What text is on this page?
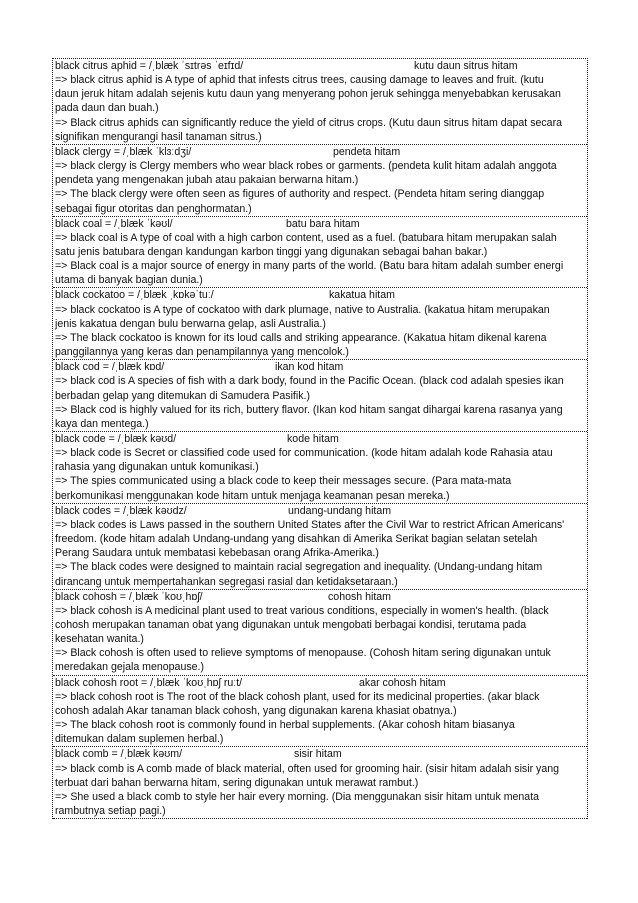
black citrus aphid = /ˌblæk ˈsɪtrəs ˈeɪfɪd/	kutu daun sitrus hitam
=> black citrus aphid is A type of aphid that infests citrus trees, causing damage to leaves and fruit. (kutu
daun jeruk hitam adalah sejenis kutu daun yang menyerang pohon jeruk sehingga menyebabkan kerusakan
pada daun dan buah.)
=> Black citrus aphids can significantly reduce the yield of citrus crops. (Kutu daun sitrus hitam dapat secara
signifikan mengurangi hasil tanaman sitrus.)
black clergy = /ˌblæk ˈklɜːdʒi/	pendeta hitam
=> black clergy is Clergy members who wear black robes or garments. (pendeta kulit hitam adalah anggota
pendeta yang mengenakan jubah atau pakaian berwarna hitam.)
=> The black clergy were often seen as figures of authority and respect. (Pendeta hitam sering dianggap
sebagai figur otoritas dan penghormatan.)
black coal = /ˌblæk ˈkəʊl/	batu bara hitam
=> black coal is A type of coal with a high carbon content, used as a fuel. (batubara hitam merupakan salah
satu jenis batubara dengan kandungan karbon tinggi yang digunakan sebagai bahan bakar.)
=> Black coal is a major source of energy in many parts of the world. (Batu bara hitam adalah sumber energi
utama di banyak bagian dunia.)
black cockatoo = /ˌblæk ˌkɒkəˈtuː/	kakatua hitam
=> black cockatoo is A type of cockatoo with dark plumage, native to Australia. (kakatua hitam merupakan
jenis kakatua dengan bulu berwarna gelap, asli Australia.)
=> The black cockatoo is known for its loud calls and striking appearance. (Kakatua hitam dikenal karena
panggilannya yang keras dan penampilannya yang mencolok.)
black cod = /ˌblæk kɒd/	ikan kod hitam
=> black cod is A species of fish with a dark body, found in the Pacific Ocean. (black cod adalah spesies ikan
berbadan gelap yang ditemukan di Samudera Pasifik.)
=> Black cod is highly valued for its rich, buttery flavor. (Ikan kod hitam sangat dihargai karena rasanya yang
kaya dan mentega.)
black code = /ˌblæk kəʊd/	kode hitam
=> black code is Secret or classified code used for communication. (kode hitam adalah kode Rahasia atau
rahasia yang digunakan untuk komunikasi.)
=> The spies communicated using a black code to keep their messages secure. (Para mata-mata
berkomunikasi menggunakan kode hitam untuk menjaga keamanan pesan mereka.)
black codes = /ˌblæk kəʊdz/	undang-undang hitam
=> black codes is Laws passed in the southern United States after the Civil War to restrict African Americans'
freedom. (kode hitam adalah Undang-undang yang disahkan di Amerika Serikat bagian selatan setelah
Perang Saudara untuk membatasi kebebasan orang Afrika-Amerika.)
=> The black codes were designed to maintain racial segregation and inequality. (Undang-undang hitam
dirancang untuk mempertahankan segregasi rasial dan ketidaksetaraan.)
black cohosh = /ˌblæk ˈkoʊˌhɒʃ/	cohosh hitam
=> black cohosh is A medicinal plant used to treat various conditions, especially in women's health. (black
cohosh merupakan tanaman obat yang digunakan untuk mengobati berbagai kondisi, terutama pada
kesehatan wanita.)
=> Black cohosh is often used to relieve symptoms of menopause. (Cohosh hitam sering digunakan untuk
meredakan gejala menopause.)
black cohosh root = /ˌblæk ˈkoʊˌhɒʃ ruːt/	akar cohosh hitam
=> black cohosh root is The root of the black cohosh plant, used for its medicinal properties. (akar black
cohosh adalah Akar tanaman black cohosh, yang digunakan karena khasiat obatnya.)
=> The black cohosh root is commonly found in herbal supplements. (Akar cohosh hitam biasanya
ditemukan dalam suplemen herbal.)
black comb = /ˌblæk kəʊm/	sisir hitam
=> black comb is A comb made of black material, often used for grooming hair. (sisir hitam adalah sisir yang
terbuat dari bahan berwarna hitam, sering digunakan untuk merawat rambut.)
=> She used a black comb to style her hair every morning. (Dia menggunakan sisir hitam untuk menata
rambutnya setiap pagi.)
